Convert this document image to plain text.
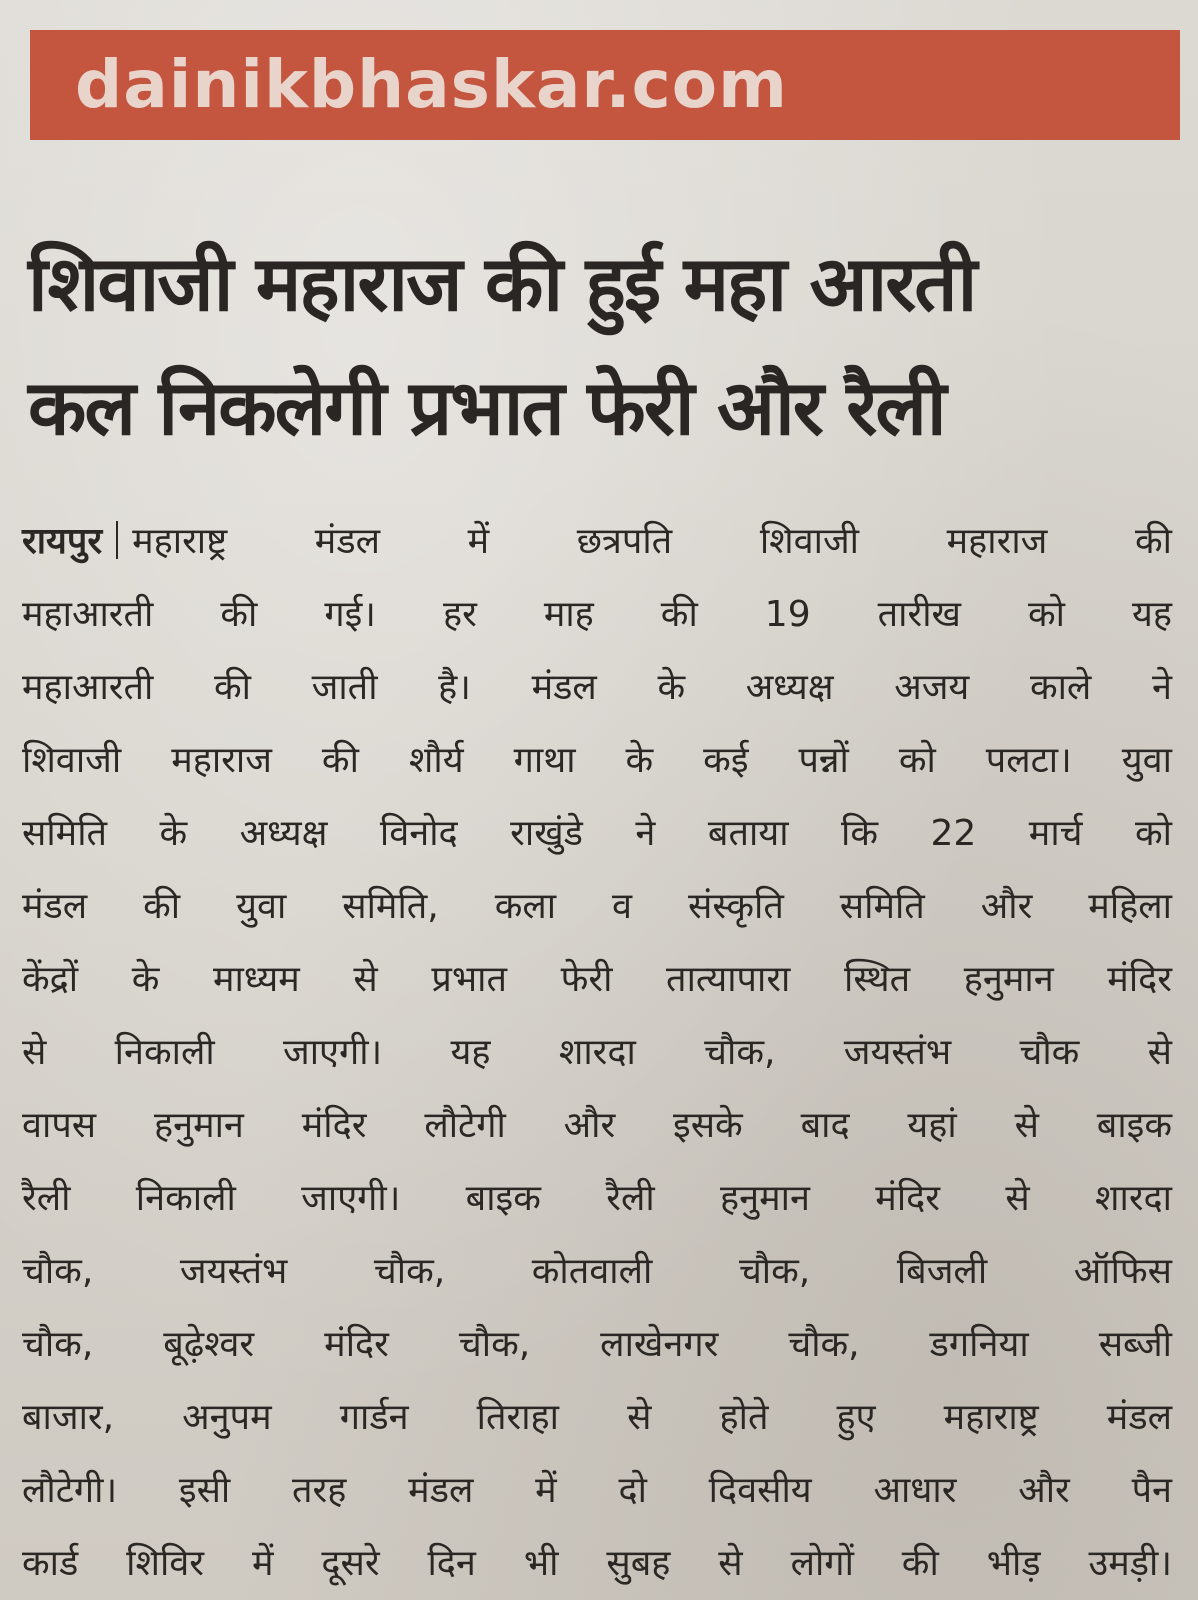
dainikbhaskar.com
शिवाजी महाराज की हुई महा आरती
कल निकलेगी प्रभात फेरी और रैली
रायपुर महाराष्ट्र मंडल में छत्रपति शिवाजी महाराज की
महाआरती की गई। हर माह की 19 तारीख को यह
महाआरती की जाती है। मंडल के अध्यक्ष अजय काले ने
शिवाजी महाराज की शौर्य गाथा के कई पन्नों को पलटा। युवा
समिति के अध्यक्ष विनोद राखुंडे ने बताया कि 22 मार्च को
मंडल की युवा समिति, कला व संस्कृति समिति और महिला
केंद्रों के माध्यम से प्रभात फेरी तात्यापारा स्थित हनुमान मंदिर
से निकाली जाएगी। यह शारदा चौक, जयस्तंभ चौक से
वापस हनुमान मंदिर लौटेगी और इसके बाद यहां से बाइक
रैली निकाली जाएगी। बाइक रैली हनुमान मंदिर से शारदा
चौक, जयस्तंभ चौक, कोतवाली चौक, बिजली ऑफिस
चौक, बूढ़ेश्वर मंदिर चौक, लाखेनगर चौक, डगनिया सब्जी
बाजार, अनुपम गार्डन तिराहा से होते हुए महाराष्ट्र मंडल
लौटेगी। इसी तरह मंडल में दो दिवसीय आधार और पैन
कार्ड शिविर में दूसरे दिन भी सुबह से लोगों की भीड़ उमड़ी।
